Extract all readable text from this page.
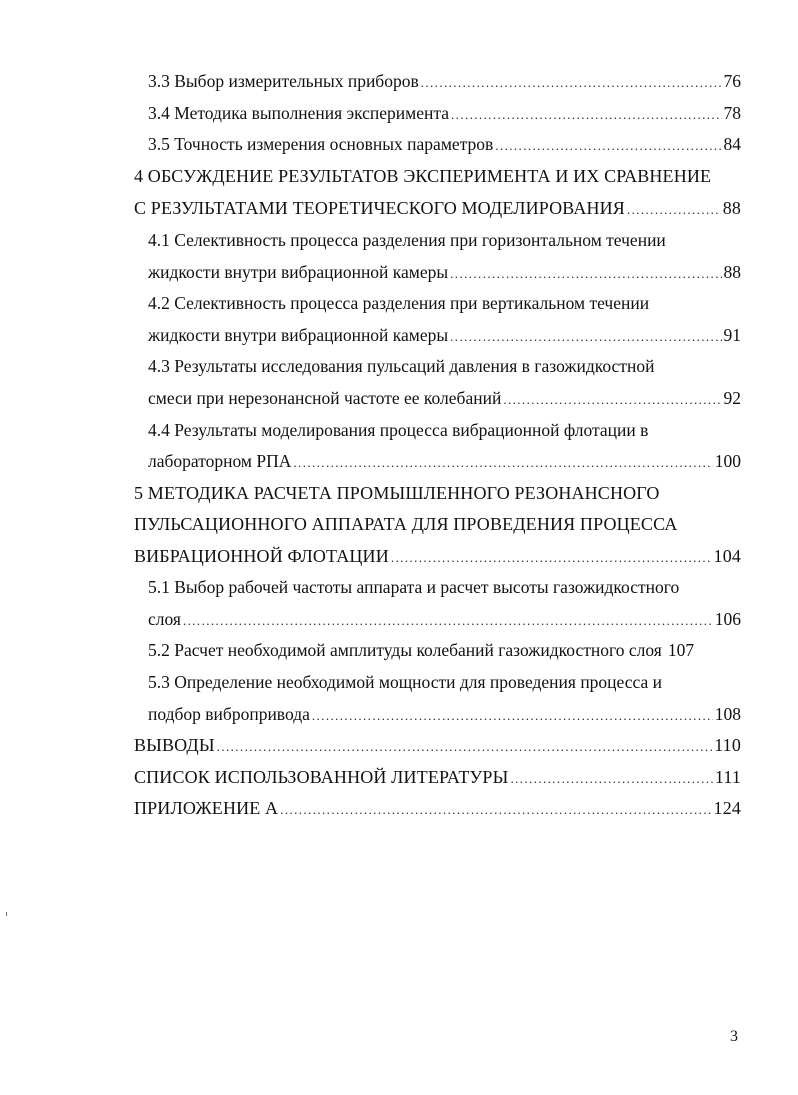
3.3 Выбор измерительных приборов .....	76
3.4 Методика выполнения эксперимента .....	78
3.5 Точность измерения основных параметров .....	84
4 ОБСУЖДЕНИЕ РЕЗУЛЬТАТОВ ЭКСПЕРИМЕНТА И ИХ СРАВНЕНИЕ
С РЕЗУЛЬТАТАМИ ТЕОРЕТИЧЕСКОГО МОДЕЛИРОВАНИЯ .....	88
4.1 Селективность процесса разделения при горизонтальном течении
жидкости внутри вибрационной камеры .....	88
4.2 Селективность процесса разделения при вертикальном течении
жидкости внутри вибрационной камеры .....	91
4.3 Результаты исследования пульсаций давления в газожидкостной
смеси при нерезонансной частоте ее колебаний .....	92
4.4 Результаты моделирования процесса вибрационной флотации в
лабораторном РПА .....	100
5 МЕТОДИКА РАСЧЕТА ПРОМЫШЛЕННОГО РЕЗОНАНСНОГО
ПУЛЬСАЦИОННОГО АППАРАТА ДЛЯ ПРОВЕДЕНИЯ ПРОЦЕССА
ВИБРАЦИОННОЙ ФЛОТАЦИИ .....	104
5.1 Выбор рабочей частоты аппарата и расчет высоты газожидкостного
слоя .....	106
5.2 Расчет необходимой амплитуды колебаний газожидкостного слоя 107
5.3 Определение необходимой мощности для проведения процесса и
подбор вибропривода .....	108
ВЫВОДЫ .....	110
СПИСОК ИСПОЛЬЗОВАННОЙ ЛИТЕРАТУРЫ .....	111
ПРИЛОЖЕНИЕ А .....	124
3
